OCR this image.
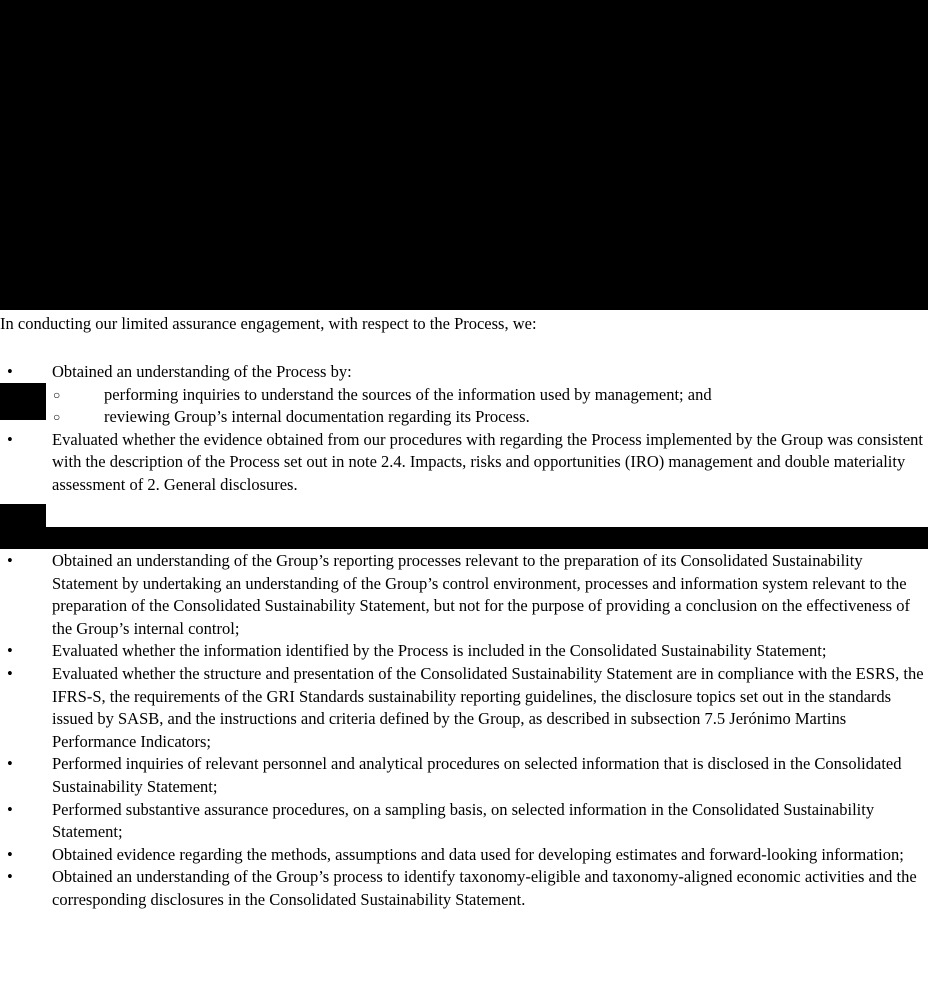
In conducting our limited assurance engagement, with respect to the Process, we:
•	Obtained an understanding of the Process by:
○	performing inquiries to understand the sources of the information used by management; and
○	reviewing Group’s internal documentation regarding its Process.
•	Evaluated whether the evidence obtained from our procedures with regarding the Process implemented by the Group was consistent with the description of the Process set out in note 2.4. Impacts, risks and opportunities (IRO) management and double materiality assessment of 2. General disclosures.
•	Obtained an understanding of the Group’s reporting processes relevant to the preparation of its Consolidated Sustainability Statement by undertaking an understanding of the Group’s control environment, processes and information system relevant to the preparation of the Consolidated Sustainability Statement, but not for the purpose of providing a conclusion on the effectiveness of the Group’s internal control;
•	Evaluated whether the information identified by the Process is included in the Consolidated Sustainability Statement;
•	Evaluated whether the structure and presentation of the Consolidated Sustainability Statement are in compliance with the ESRS, the IFRS-S, the requirements of the GRI Standards sustainability reporting guidelines, the disclosure topics set out in the standards issued by SASB, and the instructions and criteria defined by the Group, as described in subsection 7.5 Jerónimo Martins Performance Indicators;
•	Performed inquiries of relevant personnel and analytical procedures on selected information that is disclosed in the Consolidated Sustainability Statement;
•	Performed substantive assurance procedures, on a sampling basis, on selected information in the Consolidated Sustainability Statement;
•	Obtained evidence regarding the methods, assumptions and data used for developing estimates and forward-looking information;
•	Obtained an understanding of the Group’s process to identify taxonomy-eligible and taxonomy-aligned economic activities and the corresponding disclosures in the Consolidated Sustainability Statement.
